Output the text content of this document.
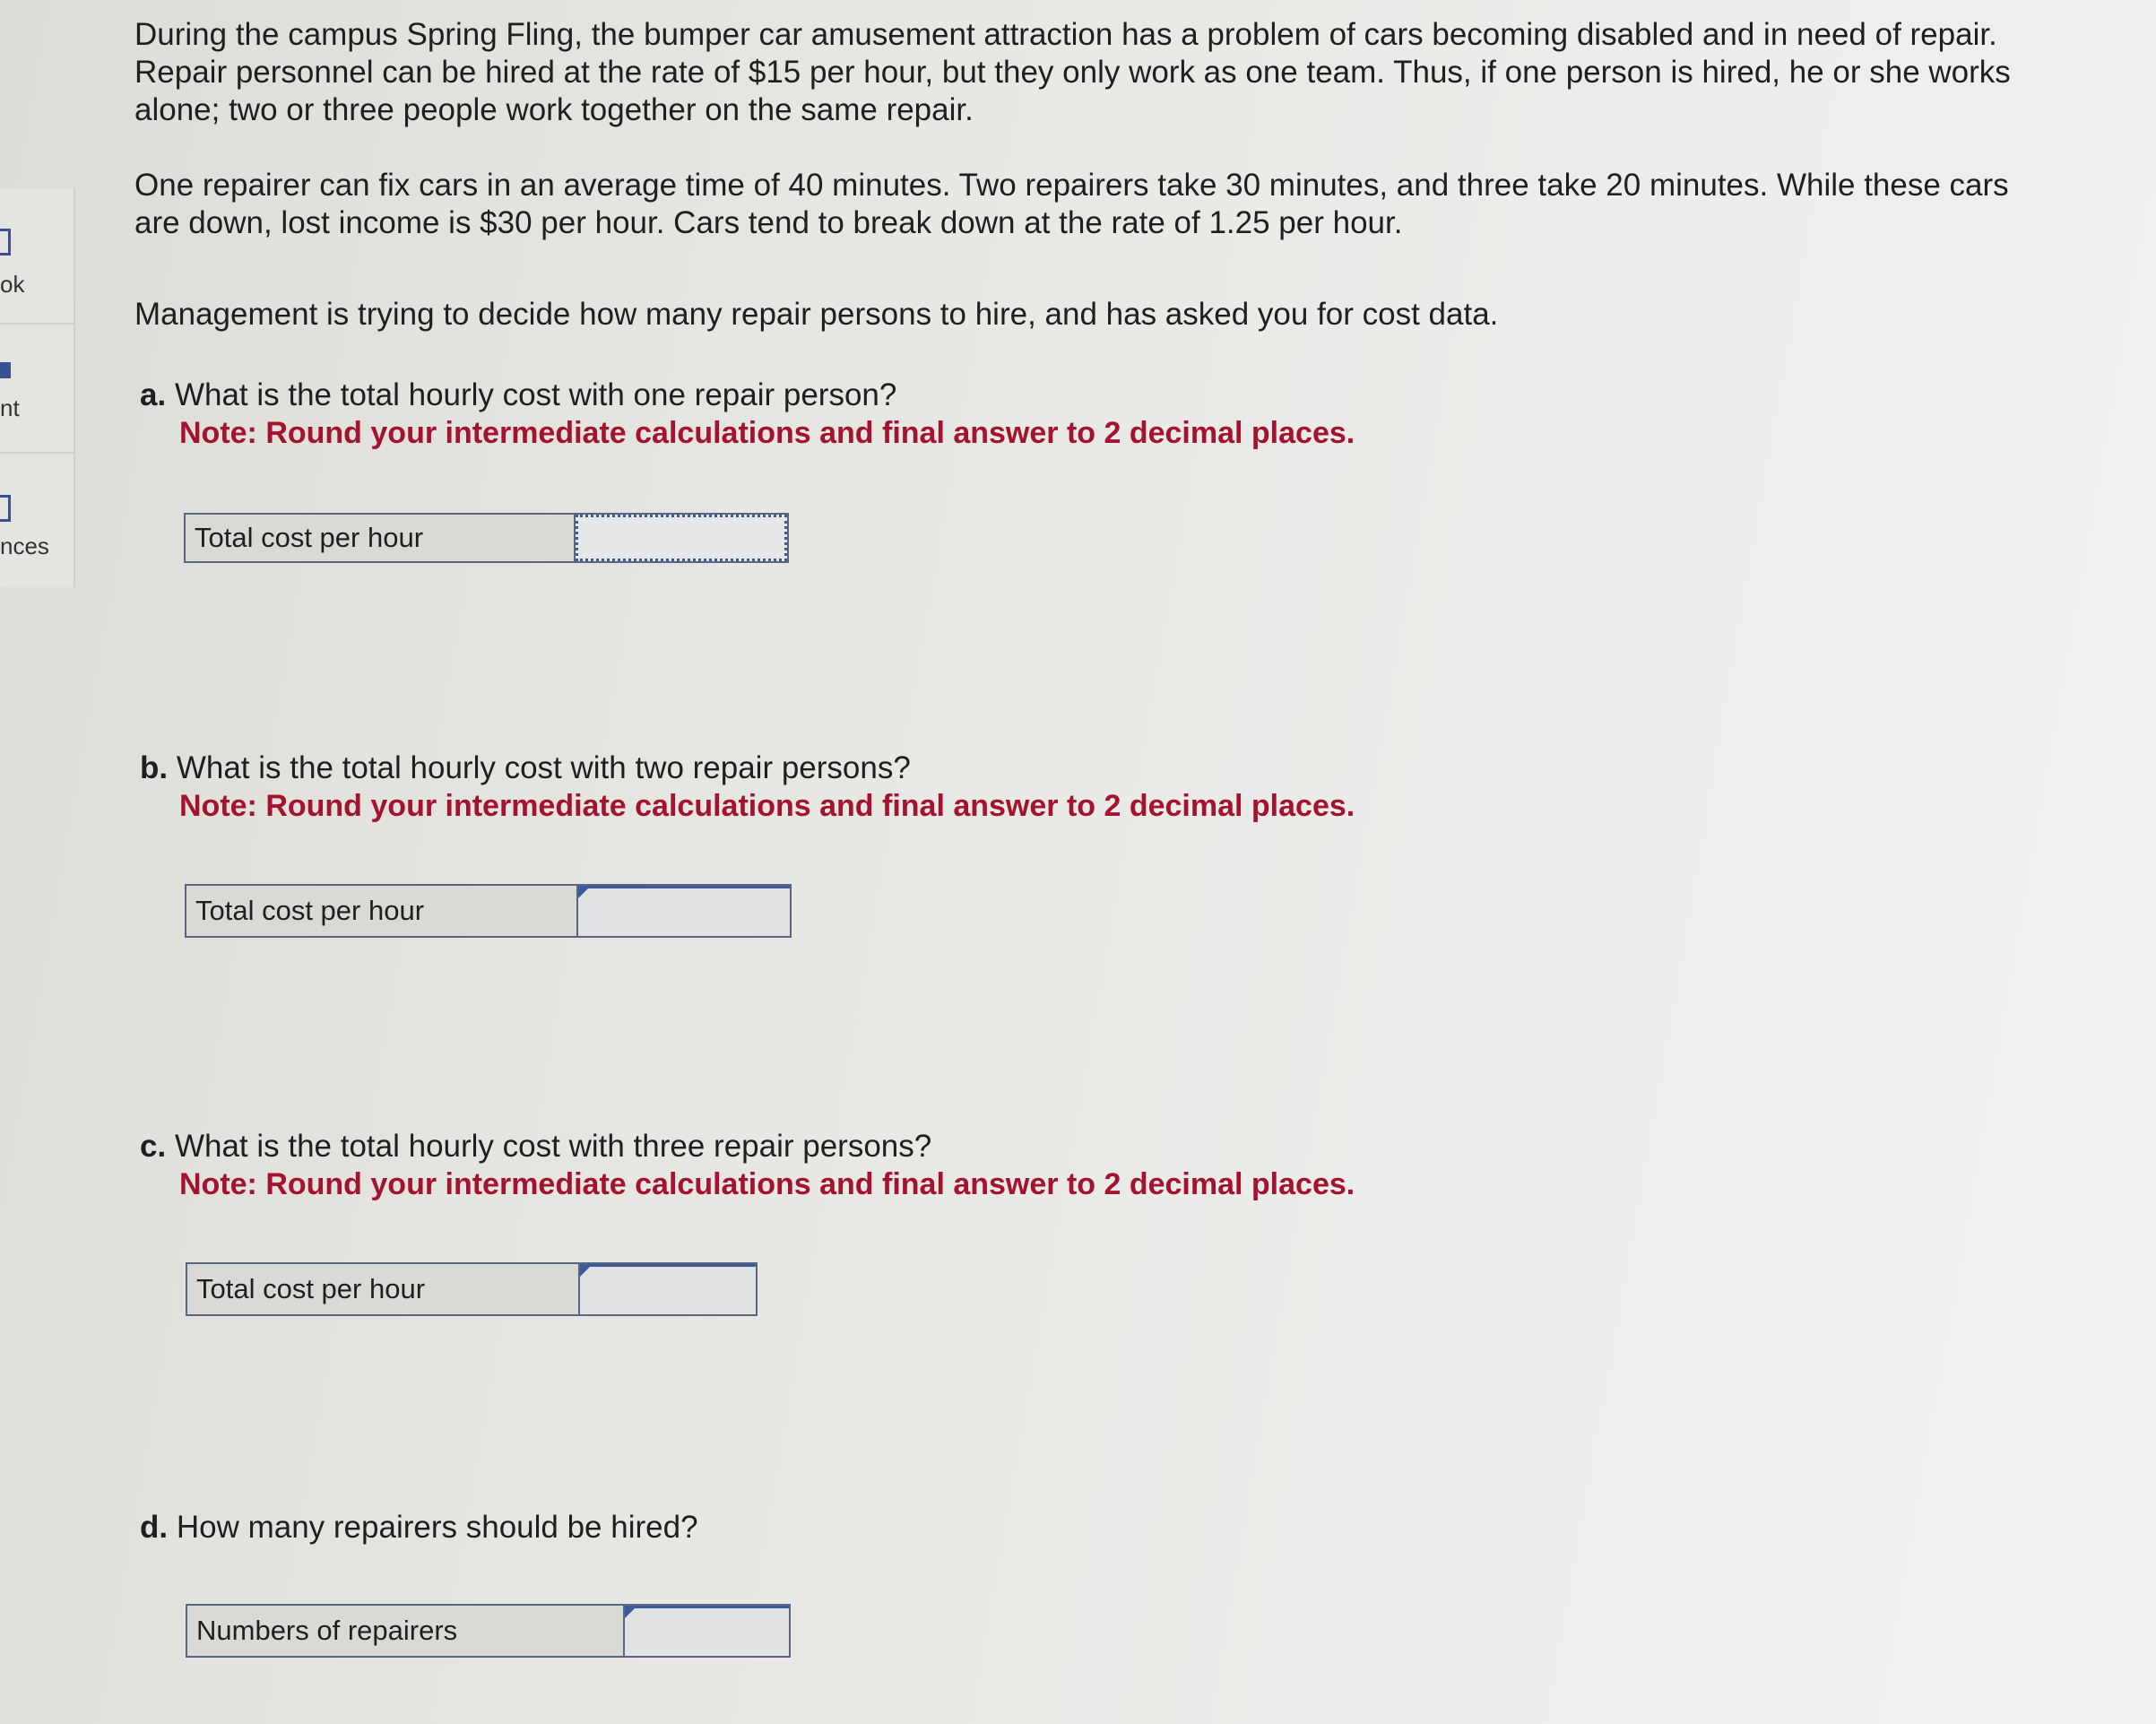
ok
nt
nces

During the campus Spring Fling, the bumper car amusement attraction has a problem of cars becoming disabled and in need of repair. Repair personnel can be hired at the rate of $15 per hour, but they only work as one team. Thus, if one person is hired, he or she works alone; two or three people work together on the same repair.

One repairer can fix cars in an average time of 40 minutes. Two repairers take 30 minutes, and three take 20 minutes. While these cars are down, lost income is $30 per hour. Cars tend to break down at the rate of 1.25 per hour.

Management is trying to decide how many repair persons to hire, and has asked you for cost data.

a. What is the total hourly cost with one repair person?
Note: Round your intermediate calculations and final answer to 2 decimal places.
b. What is the total hourly cost with two repair persons?
Note: Round your intermediate calculations and final answer to 2 decimal places.
c. What is the total hourly cost with three repair persons?
Note: Round your intermediate calculations and final answer to 2 decimal places.
d. How many repairers should be hired?
Total cost per hour
Total cost per hour
Total cost per hour
Numbers of repairers
